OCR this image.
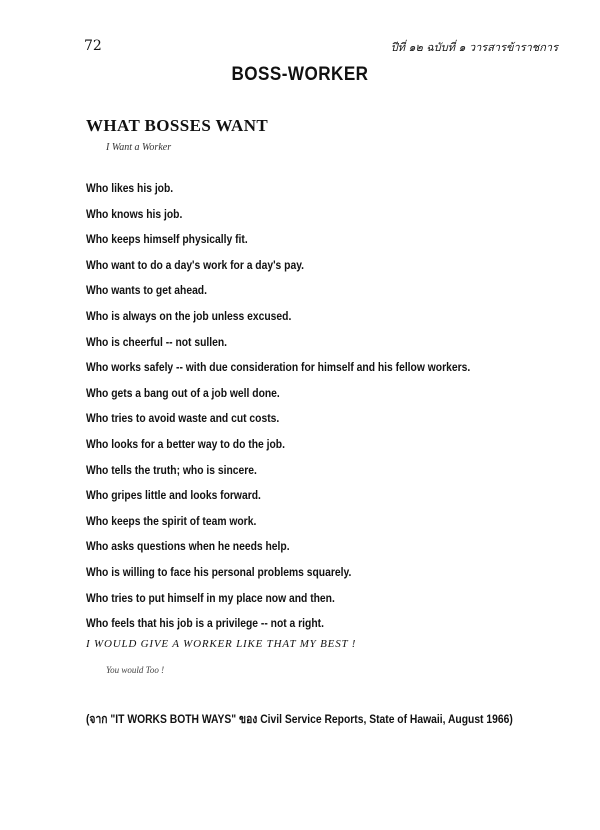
72	ปีที่ ๑๒ ฉบับที่ ๑ วารสารข้าราชการ
BOSS-WORKER
WHAT BOSSES WANT
I Want a Worker
Who likes his job.
Who knows his job.
Who keeps himself physically fit.
Who want to do a day's work for a day's pay.
Who wants to get ahead.
Who is always on the job unless excused.
Who is cheerful -- not sullen.
Who works safely -- with due consideration for himself and his fellow workers.
Who gets a bang out of a job well done.
Who tries to avoid waste and cut costs.
Who looks for a better way to do the job.
Who tells the truth; who is sincere.
Who gripes little and looks forward.
Who keeps the spirit of team work.
Who asks questions when he needs help.
Who is willing to face his personal problems squarely.
Who tries to put himself in my place now and then.
Who feels that his job is a privilege -- not a right.
I WOULD GIVE A WORKER LIKE THAT MY BEST !
You would Too !
(จาก "IT WORKS BOTH WAYS" ของ Civil Service Reports, State of Hawaii, August 1966)
